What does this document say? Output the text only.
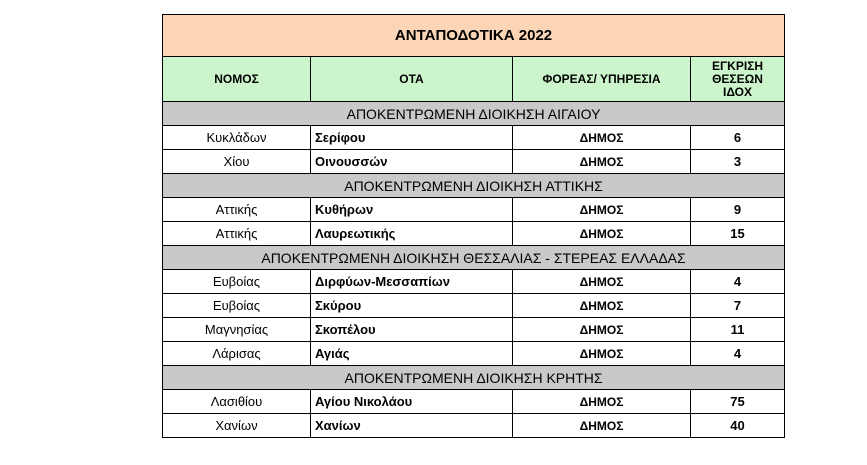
ΑΝΤΑΠΟΔΟΤΙΚΑ 2022			
ΝΟΜΟΣ	ΟΤΑ	ΦΟΡΕΑΣ/ ΥΠΗΡΕΣΙΑ	ΕΓΚΡΙΣΗ
ΘΕΣΕΩΝ
ΙΔΟΧ

ΑΠΟΚΕΝΤΡΩΜΕΝΗ ΔΙΟΙΚΗΣΗ ΑΙΓΑΙΟΥ			
Κυκλάδων	Σερίφου	ΔΗΜΟΣ	6
Χίου	Οινουσσών	ΔΗΜΟΣ	3
ΑΠΟΚΕΝΤΡΩΜΕΝΗ ΔΙΟΙΚΗΣΗ ΑΤΤΙΚΗΣ			
Αττικής	Κυθήρων	ΔΗΜΟΣ	9
Αττικής	Λαυρεωτικής	ΔΗΜΟΣ	15
ΑΠΟΚΕΝΤΡΩΜΕΝΗ ΔΙΟΙΚΗΣΗ ΘΕΣΣΑΛΙΑΣ - ΣΤΕΡΕΑΣ ΕΛΛΑΔΑΣ			
Ευβοίας	Διρφύων-Μεσσαπίων	ΔΗΜΟΣ	4
Ευβοίας	Σκύρου	ΔΗΜΟΣ	7
Μαγνησίας	Σκοπέλου	ΔΗΜΟΣ	11
Λάρισας	Αγιάς	ΔΗΜΟΣ	4
ΑΠΟΚΕΝΤΡΩΜΕΝΗ ΔΙΟΙΚΗΣΗ ΚΡΗΤΗΣ			
Λασιθίου	Αγίου Νικολάου	ΔΗΜΟΣ	75
Χανίων	Χανίων	ΔΗΜΟΣ	40
